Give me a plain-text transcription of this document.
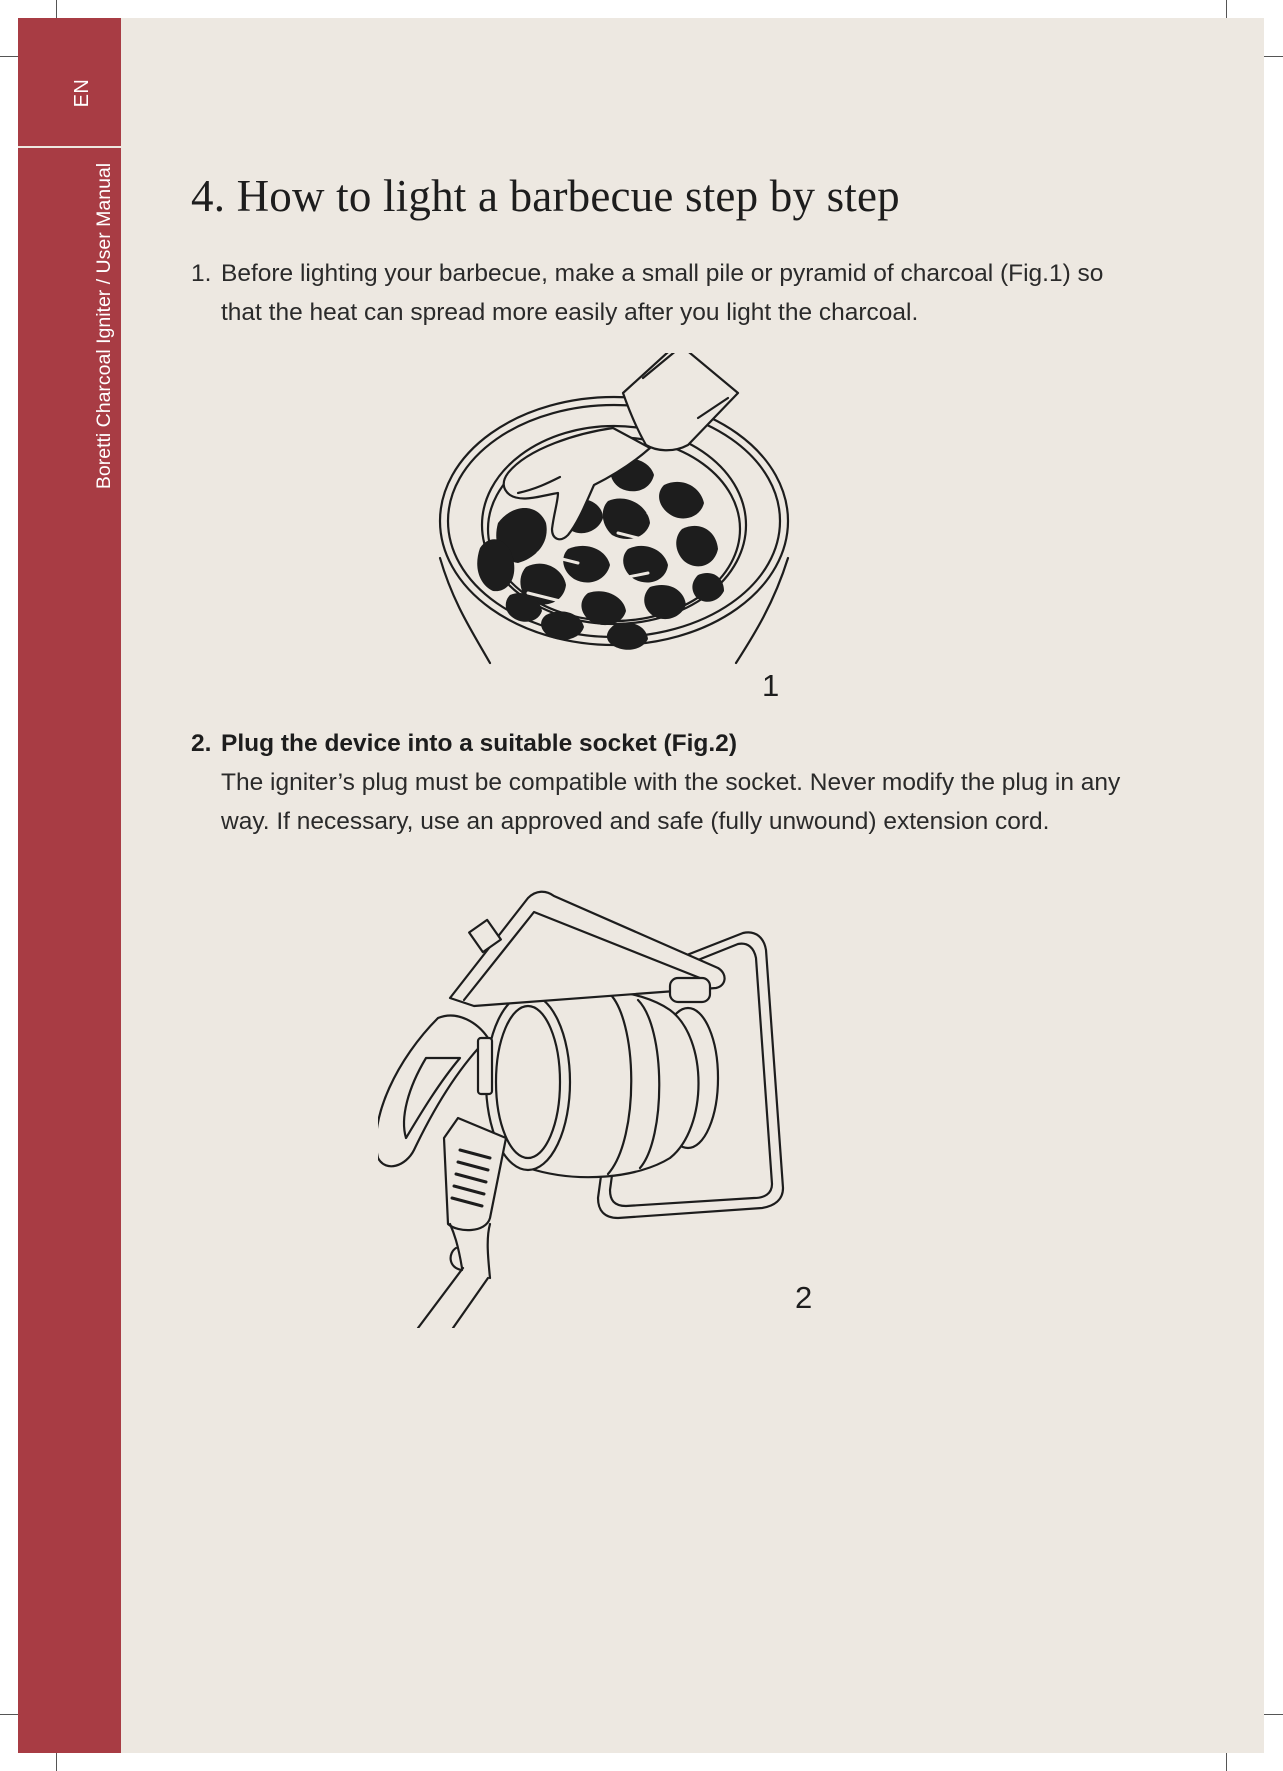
EN
Boretti Charcoal Igniter / User Manual 4. How to light a barbecue step by step
1. Before lighting your barbecue, make a small pile or pyramid of charcoal (Fig.1) so that the heat can spread more easily after you light the charcoal.
1
2. Plug the device into a suitable socket (Fig.2)
The igniter’s plug must be compatible with the socket. Never modify the plug in any way. If necessary, use an approved and safe (fully unwound) extension cord.
2
